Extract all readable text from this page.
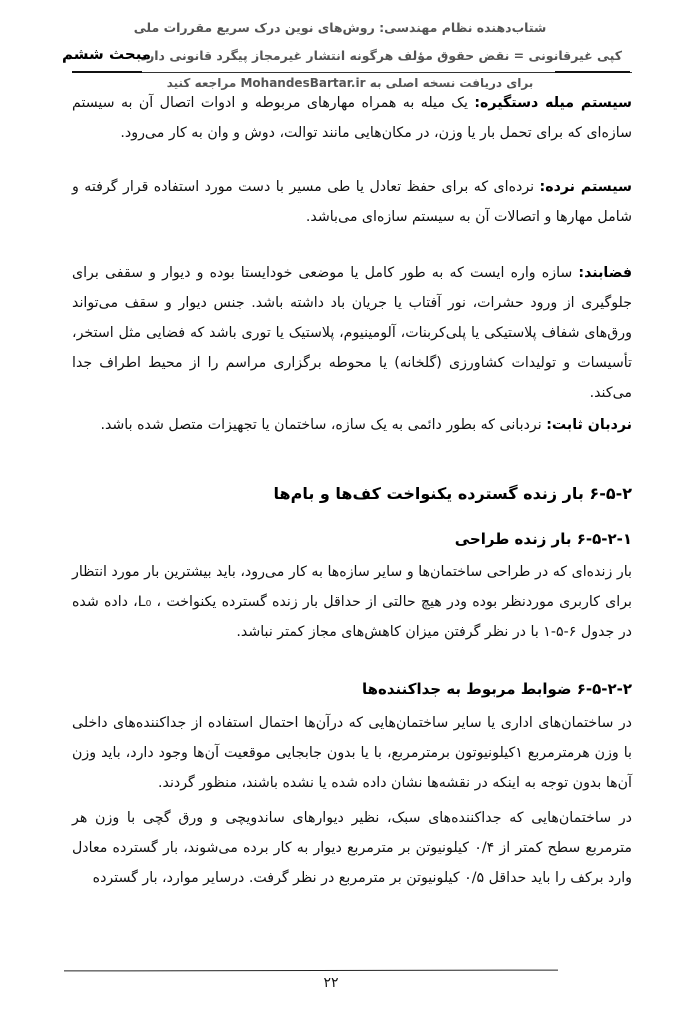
شتاب‌دهنده نظام مهندسی: روش‌های نوین درک سریع مقررات ملی
کپی غیرقانونی = نقض حقوق مؤلف هرگونه انتشار غیرمجاز پیگرد قانونی دارد
مبحث ششم
برای دریافت نسخه اصلی به MohandesBartar.ir مراجعه کنید
سیستم میله دستگیره: یک میله به همراه مهارهای مربوطه و ادوات اتصال آن به سیستم سازه‌ای که برای تحمل بار یا وزن، در مکان‌هایی مانند توالت، دوش و وان به کار می‌رود.
سیستم نرده: نرده‌ای که برای حفظ تعادل یا طی مسیر با دست مورد استفاده قرار گرفته و شامل مهارها و اتصالات آن به سیستم سازه‌ای می‌باشد.
فضابند: سازه واره ایست که به طور کامل یا موضعی خودایستا بوده و دیوار و سقفی برای جلوگیری از ورود حشرات، نور آفتاب یا جریان باد داشته باشد. جنس دیوار و سقف می‌تواند ورق‌های شفاف پلاستیکی یا پلی‌کربنات، آلومینیوم، پلاستیک یا توری باشد که فضایی مثل استخر، تأسیسات و تولیدات کشاورزی (گلخانه) یا محوطه برگزاری مراسم را از محیط اطراف جدا می‌کند.
نردبان ثابت: نردبانی که بطور دائمی به یک سازه، ساختمان یا تجهیزات متصل شده باشد.
۶-۵-۲ بار زنده گسترده یکنواخت کف‌ها و بام‌ها
۶-۵-۲-۱ بار زنده طراحی
بار زنده‌ای که در طراحی ساختمان‌ها و سایر سازه‌ها به کار می‌رود، باید بیشترین بار مورد انتظار برای کاربری موردنظر بوده ودر هیچ حالتی از حداقل بار زنده گسترده یکنواخت ، L₀، داده شده در جدول ۶-۵-۱ با در نظر گرفتن میزان کاهش‌های مجاز کمتر نباشد.
۶-۵-۲-۲ ضوابط مربوط به جداکننده‌ها
در ساختمان‌های اداری یا سایر ساختمان‌هایی که درآن‌ها احتمال استفاده از جداکننده‌های داخلی با وزن هرمترمربع ۱کیلونیوتون برمترمربع، با یا بدون جابجایی موقعیت آن‌ها وجود دارد، باید وزن آن‌ها بدون توجه به اینکه در نقشه‌ها نشان داده شده یا نشده باشند، منظور گردند.
در ساختمان‌هایی که جداکننده‌های سبک، نظیر دیوارهای ساندویچی و ورق گچی با وزن هر مترمربع سطح کمتر از ۰/۴ کیلونیوتن بر مترمربع دیوار به کار برده می‌شوند، بار گسترده معادل وارد برکف را باید حداقل ۰/۵ کیلونیوتن بر مترمربع در نظر گرفت. درسایر موارد، بار گسترده
۲۲
